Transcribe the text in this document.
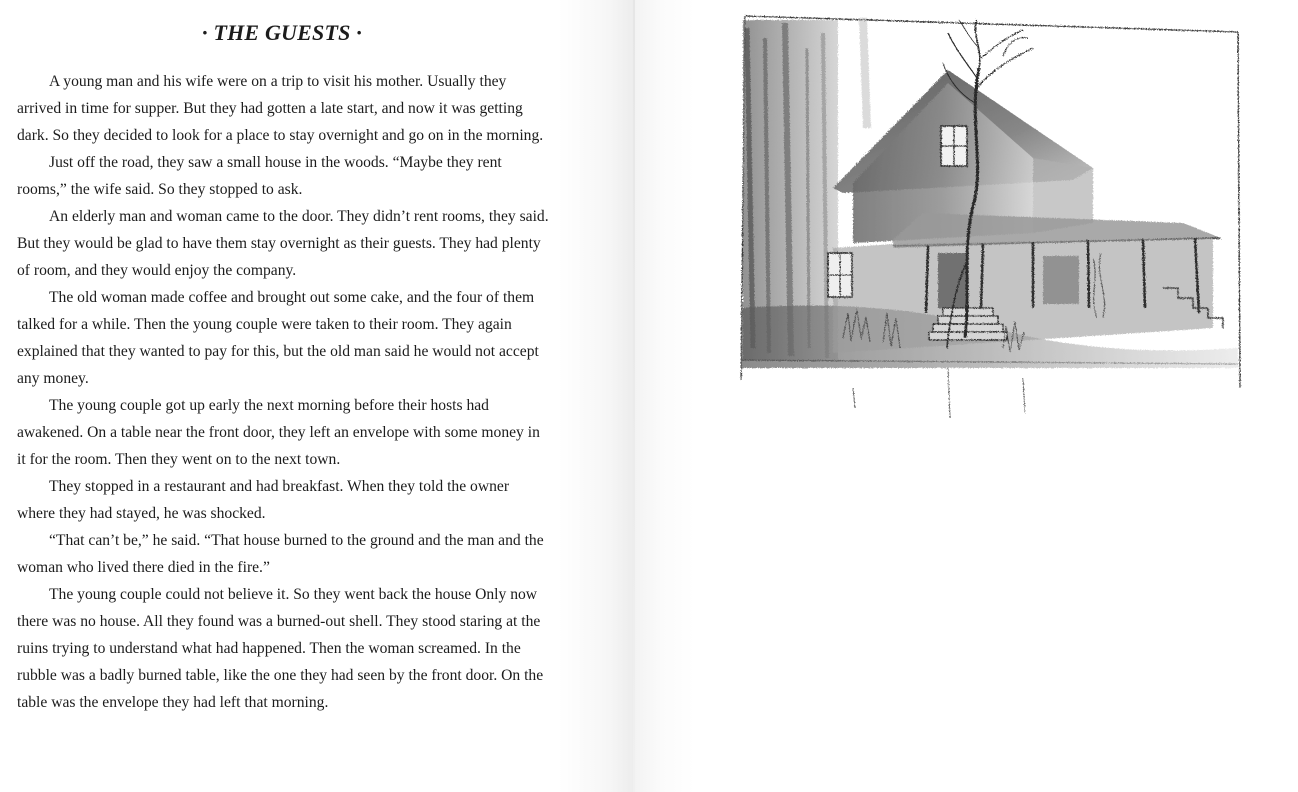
· THE GUESTS ·

A young man and his wife were on a trip to visit his mother. Usually they arrived in time for supper. But they had gotten a late start, and now it was getting dark. So they decided to look for a place to stay overnight and go on in the morning.

Just off the road, they saw a small house in the woods. “Maybe they rent rooms,” the wife said. So they stopped to ask.

An elderly man and woman came to the door. They didn’t rent rooms, they said. But they would be glad to have them stay overnight as their guests. They had plenty of room, and they would enjoy the company.

The old woman made coffee and brought out some cake, and the four of them talked for a while. Then the young couple were taken to their room. They again explained that they wanted to pay for this, but the old man said he would not accept any money.

The young couple got up early the next morning before their hosts had awakened. On a table near the front door, they left an envelope with some money in it for the room. Then they went on to the next town.

They stopped in a restaurant and had breakfast. When they told the owner where they had stayed, he was shocked.

“That can’t be,” he said. “That house burned to the ground and the man and the woman who lived there died in the fire.”

The young couple could not believe it. So they went back the house Only now there was no house. All they found was a burned-out shell. They stood staring at the ruins trying to understand what had happened. Then the woman screamed. In the rubble was a badly burned table, like the one they had seen by the front door. On the table was the envelope they had left that morning.
